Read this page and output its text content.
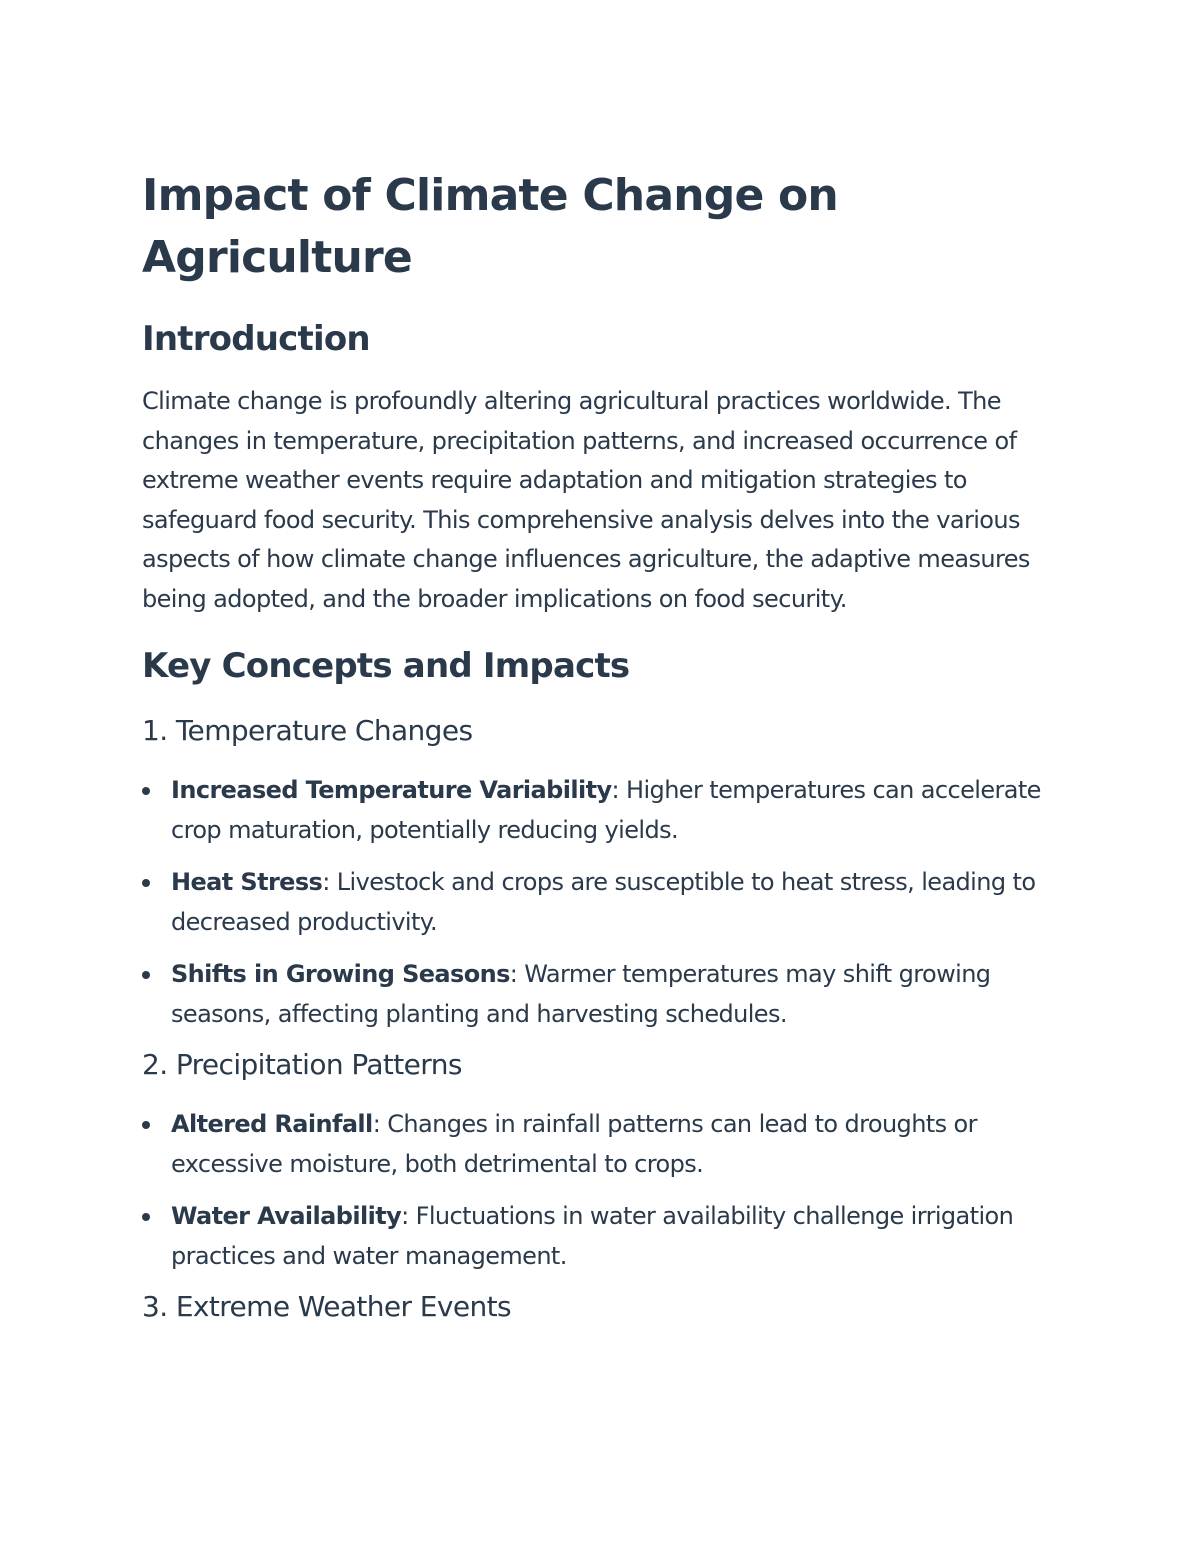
Impact of Climate Change on Agriculture
Introduction

Climate change is profoundly altering agricultural practices worldwide. The changes in temperature, precipitation patterns, and increased occurrence of extreme weather events require adaptation and mitigation strategies to safeguard food security. This comprehensive analysis delves into the various aspects of how climate change influences agriculture, the adaptive measures being adopted, and the broader implications on food security.

Key Concepts and Impacts
1. Temperature Changes
Increased Temperature Variability: Higher temperatures can accelerate crop maturation, potentially reducing yields.
Heat Stress: Livestock and crops are susceptible to heat stress, leading to decreased productivity.
Shifts in Growing Seasons: Warmer temperatures may shift growing seasons, affecting planting and harvesting schedules.
2. Precipitation Patterns
Altered Rainfall: Changes in rainfall patterns can lead to droughts or excessive moisture, both detrimental to crops.
Water Availability: Fluctuations in water availability challenge irrigation practices and water management.
3. Extreme Weather Events
